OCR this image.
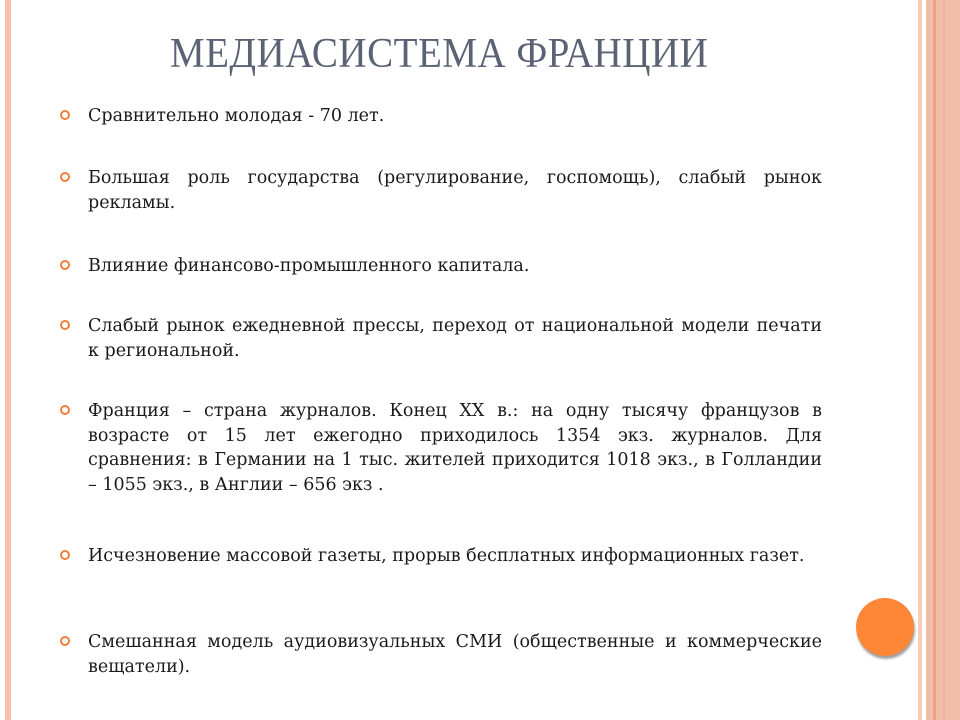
МЕДИАСИСТЕМА ФРАНЦИИ
Сравнительно молодая - 70 лет.
Большая роль государства (регулирование, госпомощь), слабый рынок рекламы.
Влияние финансово-промышленного капитала.
Слабый рынок ежедневной прессы, переход от национальной модели печати к региональной.
Франция – страна журналов. Конец XX в.: на одну тысячу французов в возрасте от 15 лет ежегодно приходилось 1354 экз. журналов. Для сравнения: в Германии на 1 тыс. жителей приходится 1018 экз., в Голландии – 1055 экз., в Англии – 656 экз .
Исчезновение массовой газеты, прорыв бесплатных информационных газет.
Смешанная модель аудиовизуальных СМИ (общественные и коммерческие вещатели).
